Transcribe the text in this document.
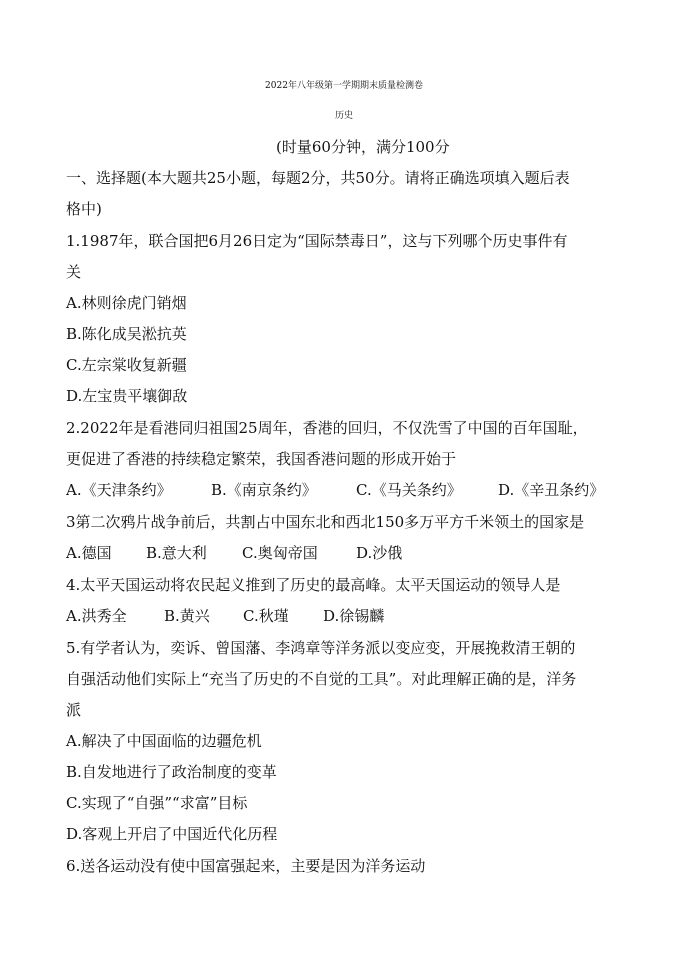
2022年八年级第一学期期末质量检测卷
历史
(时量60分钟，满分100分
一、选择题(本大题共25小题，每题2分，共50分。请将正确选项填入题后表
格中)
1.1987年，联合国把6月26日定为“国际禁毒日”，这与下列哪个历史事件有
关
A.林则徐虎门销烟
B.陈化成吴淞抗英
C.左宗棠收复新疆
D.左宝贵平壤御敌
2.2022年是看港同归祖国25周年，香港的回归，不仅洗雪了中国的百年国耻，
更促进了香港的持续稳定繁荣，我国香港问题的形成开始于
A.《天津条约》	B.《南京条约》	C.《马关条约》 D.《辛丑条约》
3第二次鸦片战争前后，共割占中国东北和西北150多万平方千米领土的国家是
A.德国 B.意大利 C.奥匈帝国	D.沙俄
4.太平天国运动将农民起义推到了历史的最高峰。太平天国运动的领导人是
A.洪秀全 B.黄兴 C.秋瑾 D.徐锡麟
5.有学者认为，奕诉、曾国藩、李鸿章等洋务派以变应变，开展挽救清王朝的
自强活动他们实际上“充当了历史的不自觉的工具”。对此理解正确的是，洋务
派
A.解决了中国面临的边疆危机
B.自发地进行了政治制度的变革
C.实现了“自强”“求富”目标
D.客观上开启了中国近代化历程
6.送各运动没有使中国富强起来，主要是因为洋务运动
